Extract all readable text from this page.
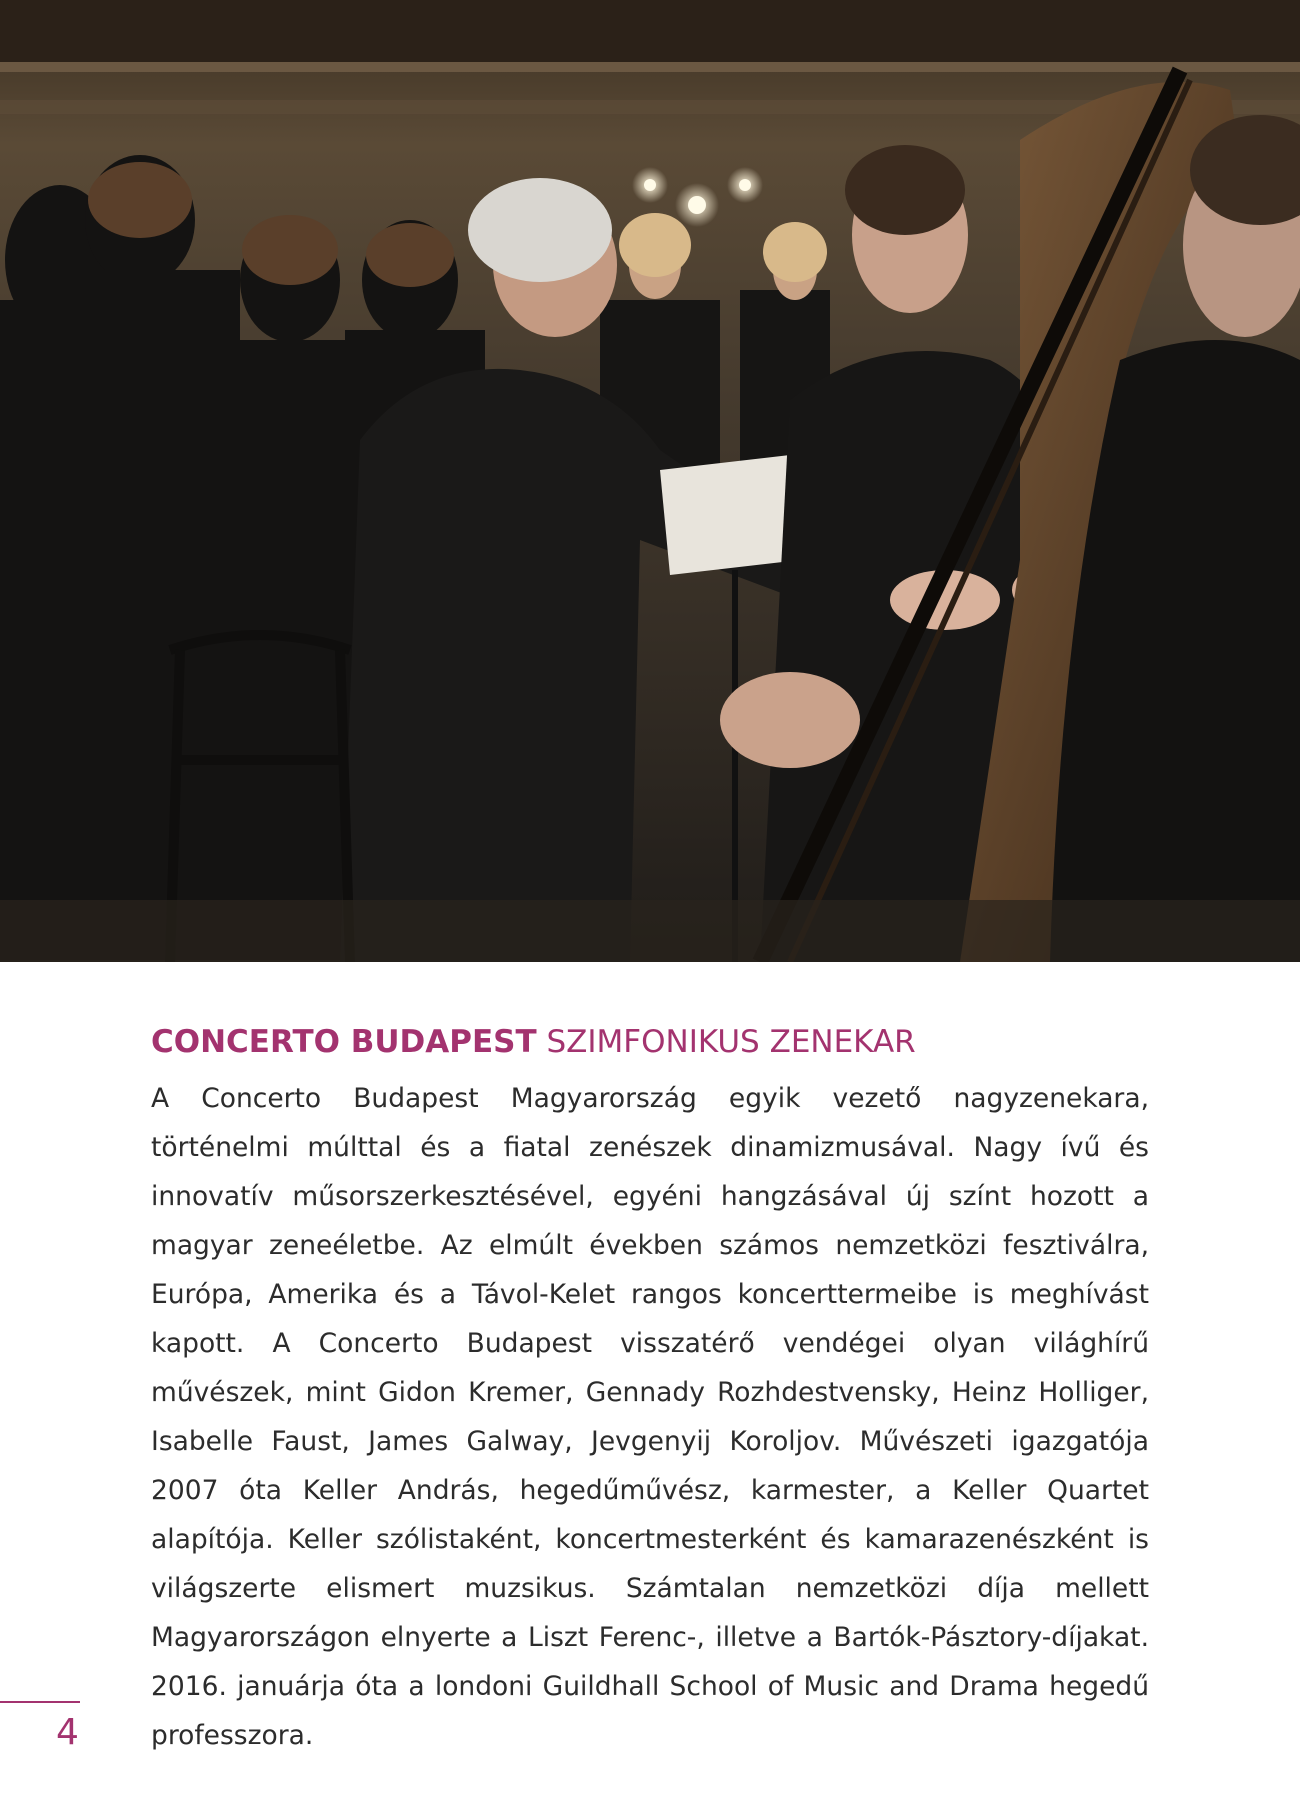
CONCERTO BUDAPEST SZIMFONIKUS ZENEKAR

A Concerto Budapest Magyarország egyik vezető nagyzenekara, történelmi múlttal és a fiatal zenészek dinamizmusával. Nagy ívű és innovatív műsorszerkesztésével, egyéni hangzásával új színt hozott a magyar zeneéletbe. Az elmúlt években számos nemzetközi fesztiválra, Európa, Amerika és a Távol-Kelet rangos koncerttermeibe is meghívást kapott. A Concerto Budapest visszatérő vendégei olyan világhírű művészek, mint Gidon Kremer, Gennady Rozhdestvensky, Heinz Holliger, Isabelle Faust, James Galway, Jevgenyij Koroljov. Művészeti igazgatója 2007 óta Keller András, hegedűművész, karmester, a Keller Quartet alapítója. Keller szólistaként, koncertmesterként és kamarazenészként is világszerte elismert muzsikus. Számtalan nemzetközi díja mellett Magyarországon elnyerte a Liszt Ferenc-, illetve a Bartók-Pásztory-díjakat. 2016. januárja óta a londoni Guildhall School of Music and Drama hegedű professzora.

4
